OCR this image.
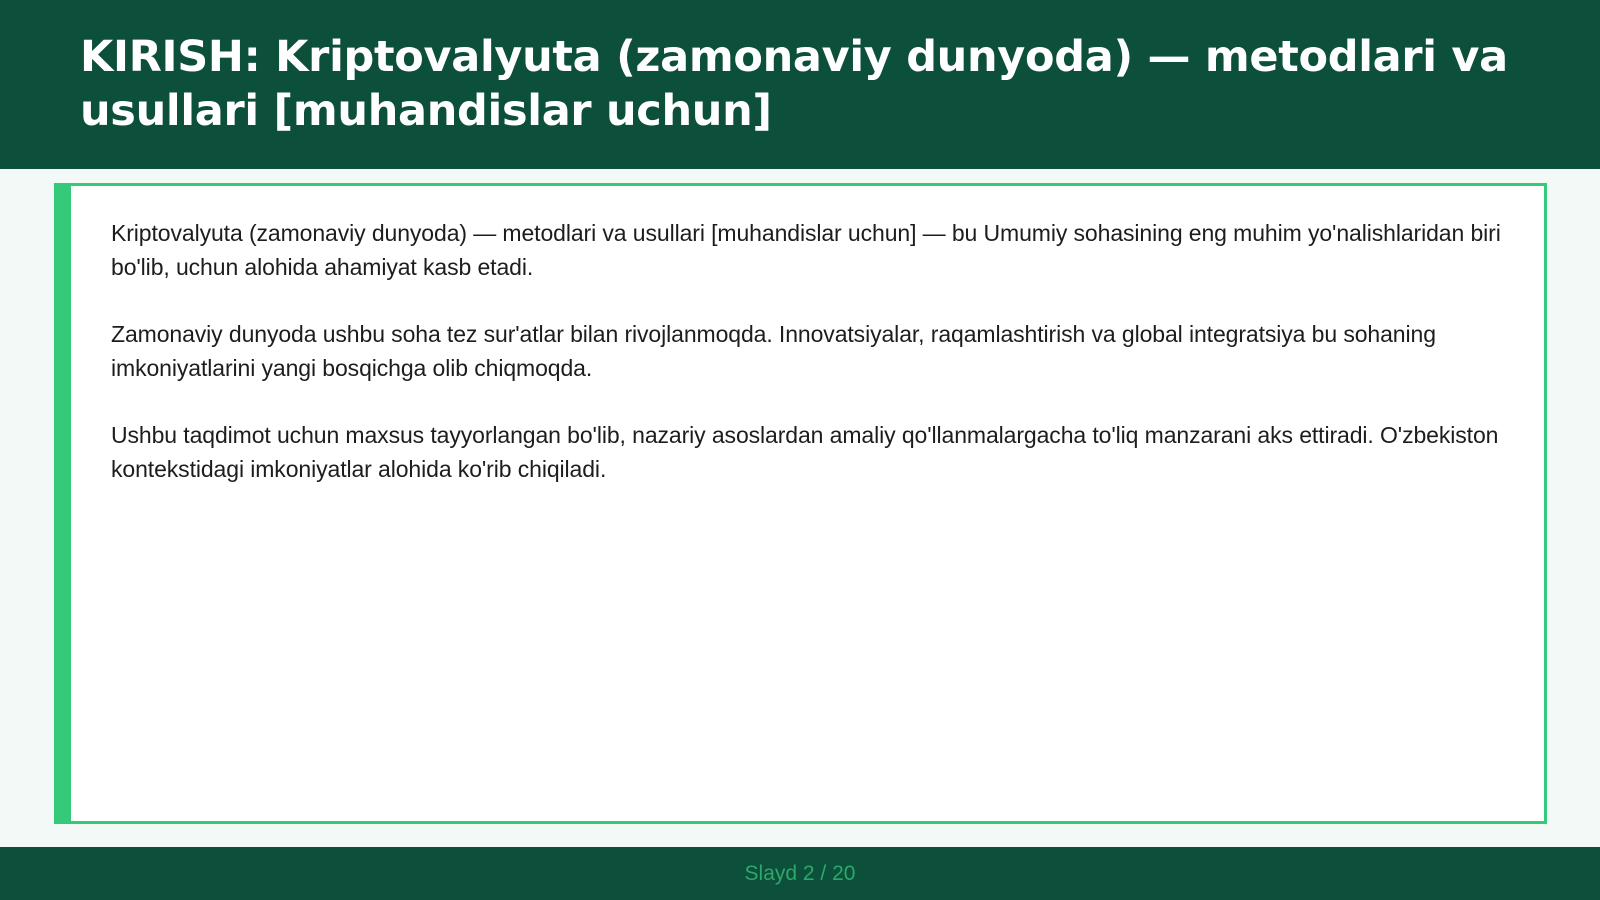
KIRISH: Kriptovalyuta (zamonaviy dunyoda) — metodlari va usullari [muhandislar uchun]

Kriptovalyuta (zamonaviy dunyoda) — metodlari va usullari [muhandislar uchun] — bu Umumiy sohasining eng muhim yo'nalishlaridan biri bo'lib, uchun alohida ahamiyat kasb etadi.

Zamonaviy dunyoda ushbu soha tez sur'atlar bilan rivojlanmoqda. Innovatsiyalar, raqamlashtirish va global integratsiya bu sohaning imkoniyatlarini yangi bosqichga olib chiqmoqda.

Ushbu taqdimot uchun maxsus tayyorlangan bo'lib, nazariy asoslardan amaliy qo'llanmalargacha to'liq manzarani aks ettiradi. O'zbekiston kontekstidagi imkoniyatlar alohida ko'rib chiqiladi.

Slayd 2 / 20
